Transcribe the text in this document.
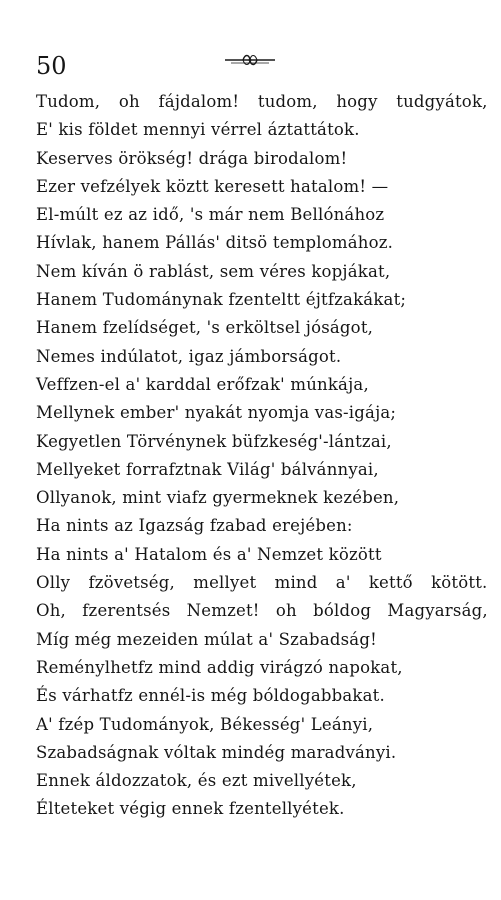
50
Tudom, oh fájdalom! tudom, hogy tudgyátok,
E' kis földet mennyi vérrel áztattátok.
Keserves örökség! drága birodalom!
Ezer vefzélyek köztt keresett hatalom! —
El-múlt ez az idő, 's már nem Bellónához
Hívlak, hanem Pállás' ditsö templomához.
Nem kíván ö rablást, sem véres kopjákat,
Hanem Tudománynak fzenteltt éjtfzakákat;
Hanem fzelídséget, 's erköltsel jóságot,
Nemes indúlatot, igaz jámborságot.
Veffzen-el a' karddal erőfzak' múnkája,
Mellynek ember' nyakát nyomja vas-igája;
Kegyetlen Törvénynek büfzkeség'-lántzai,
Mellyeket forrafztnak Világ' bálvánnyai,
Ollyanok, mint viafz gyermeknek kezében,
Ha nints az Igazság fzabad erejében:
Ha nints a' Hatalom és a' Nemzet között
Olly fzövetség, mellyet mind a' kettő kötött.
Oh, fzerentsés Nemzet! oh bóldog Magyarság,
Míg még mezeiden múlat a' Szabadság!
Reménylhetfz mind addig virágzó napokat,
És várhatfz ennél-is még bóldogabbakat.
A' fzép Tudományok, Békesség' Leányi,
Szabadságnak vóltak mindég maradványi.
Ennek áldozzatok, és ezt mivellyétek,
Élteteket végig ennek fzentellyétek.
